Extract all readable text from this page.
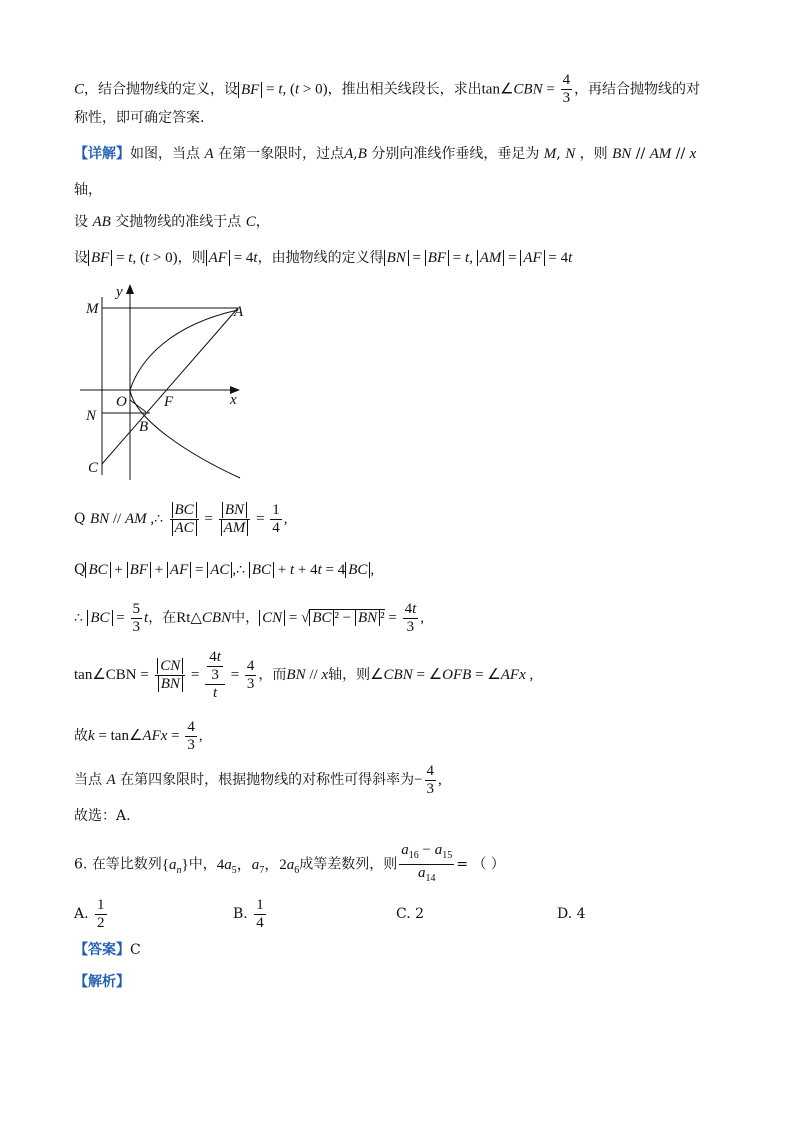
C，结合抛物线的定义，设 BF = t, (t > 0)，推出相关线段长，求出tan∠CBN = $\frac{4}{3}$ ，再结合抛物线的对
称性，即可确定答案.
【详解】如图，当点 A 在第一象限时，过点A,B 分别向准线作垂线，垂足为 M, N ，则 BN // AM // x
轴，
设 AB 交抛物线的准线于点 C，
设 BF = t, (t > 0)，则 AF = 4t，由抛物线的定义得 BN = BF = t, AM = AF = 4t
y
M	A
O F	x
N
B
C
Q BN // AM ,∴ $\frac{BC}{AC} = \frac{BN}{AM} = \frac{1}{4}$ ,
Q BC + BF + AF = AC ,∴ BC + t + 4t = 4 BC ,
∴ BC = $\frac{5}{3}$ t，在Rt△CBN中， CN = √ BC ² − BN $^2 = \frac{4t}{3}$ ,
tan∠CBN = $\frac{CN}{BN} = \frac{\frac{4t}{3}}{t} = \frac{4}{3}$ ，而BN // x轴，则∠CBN = ∠OFB = ∠AFx ,
故k = tan∠AFx = $\frac{4}{3}$ ,
当点 A 在第四象限时，根据抛物线的对称性可得斜率为− $\frac{4}{3}$ ,
故选：A.
6. 在等比数列$\{a_n\}$中，$4a_5$，$a_7$，$2a_6$成等差数列，则 $\frac{a_{16} - a_{15}}{a_{14}}$ = （ ）
A. $\frac{1}{2}$	B. $\frac{1}{4}$	C. 2	D. 4
【答案】C
【解析】
